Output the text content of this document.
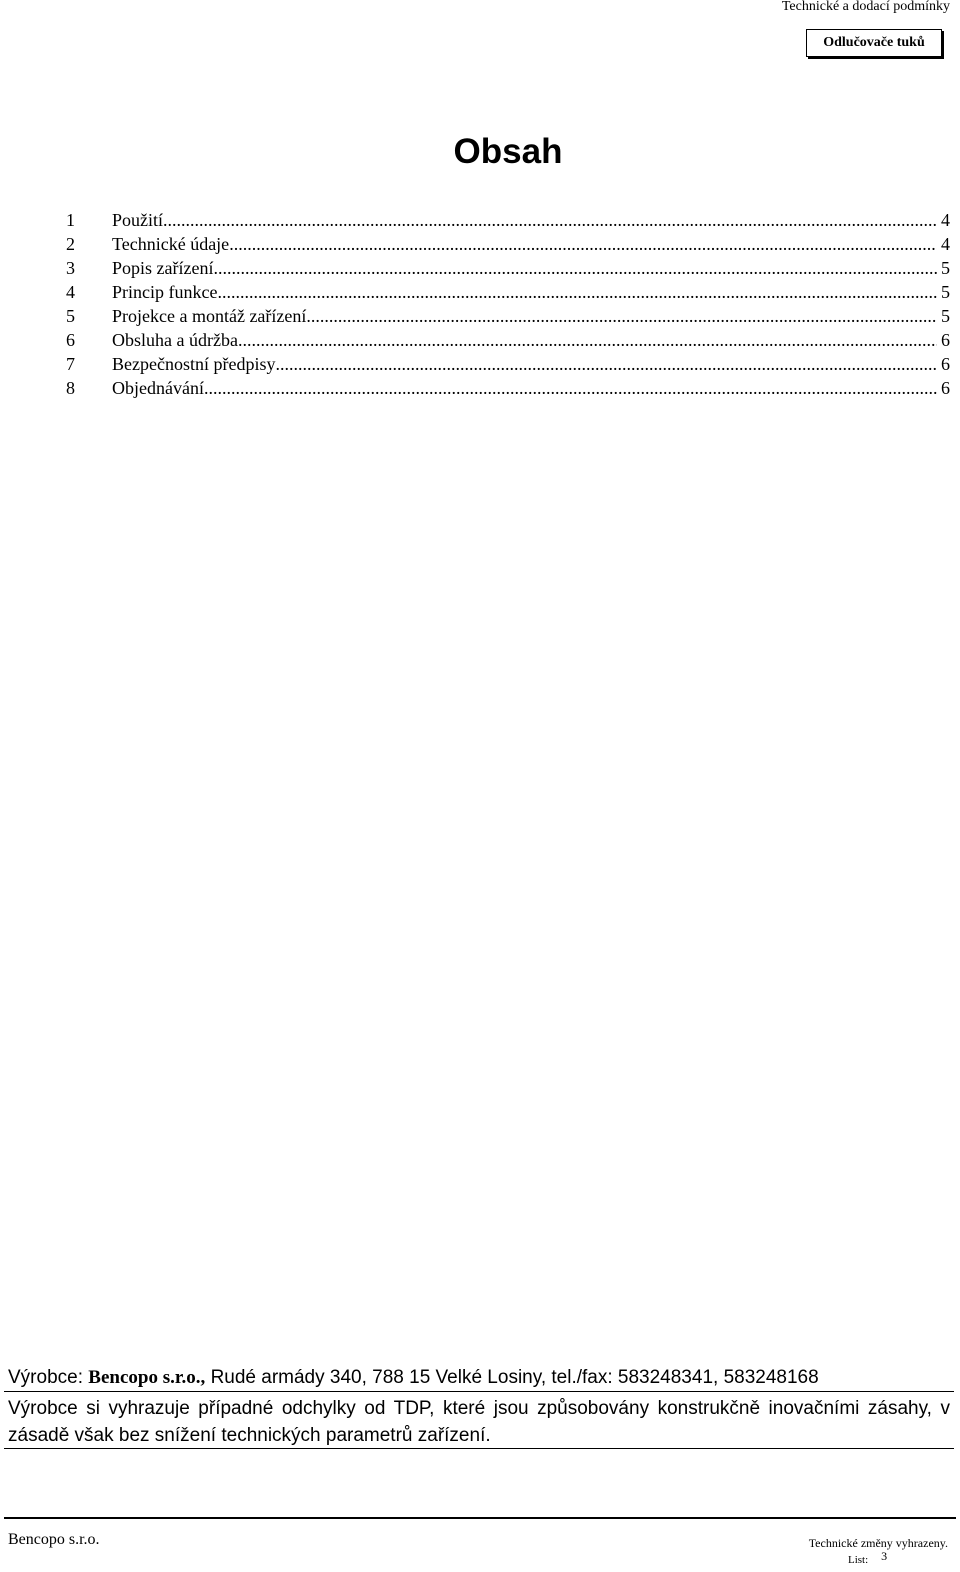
Technické a dodací podmínky
Odlučovače tuků
Obsah
1	Použití .....	4
2	Technické údaje .....	4
3	Popis zařízení .....	5
4	Princip funkce .....	5
5	Projekce a montáž zařízení .....	5
6	Obsluha a údržba .....	6
7	Bezpečnostní předpisy .....	6
8	Objednávání .....	6
Výrobce: Bencopo s.r.o., Rudé armády 340, 788 15 Velké Losiny, tel./fax: 583248341, 583248168

Výrobce si vyhrazuje případné odchylky od TDP, které jsou způsobovány konstrukčně inovačními zásahy, v zásadě však bez snížení technických parametrů zařízení.

Bencopo s.r.o.	Technické změny vyhrazeny.
List: 3
